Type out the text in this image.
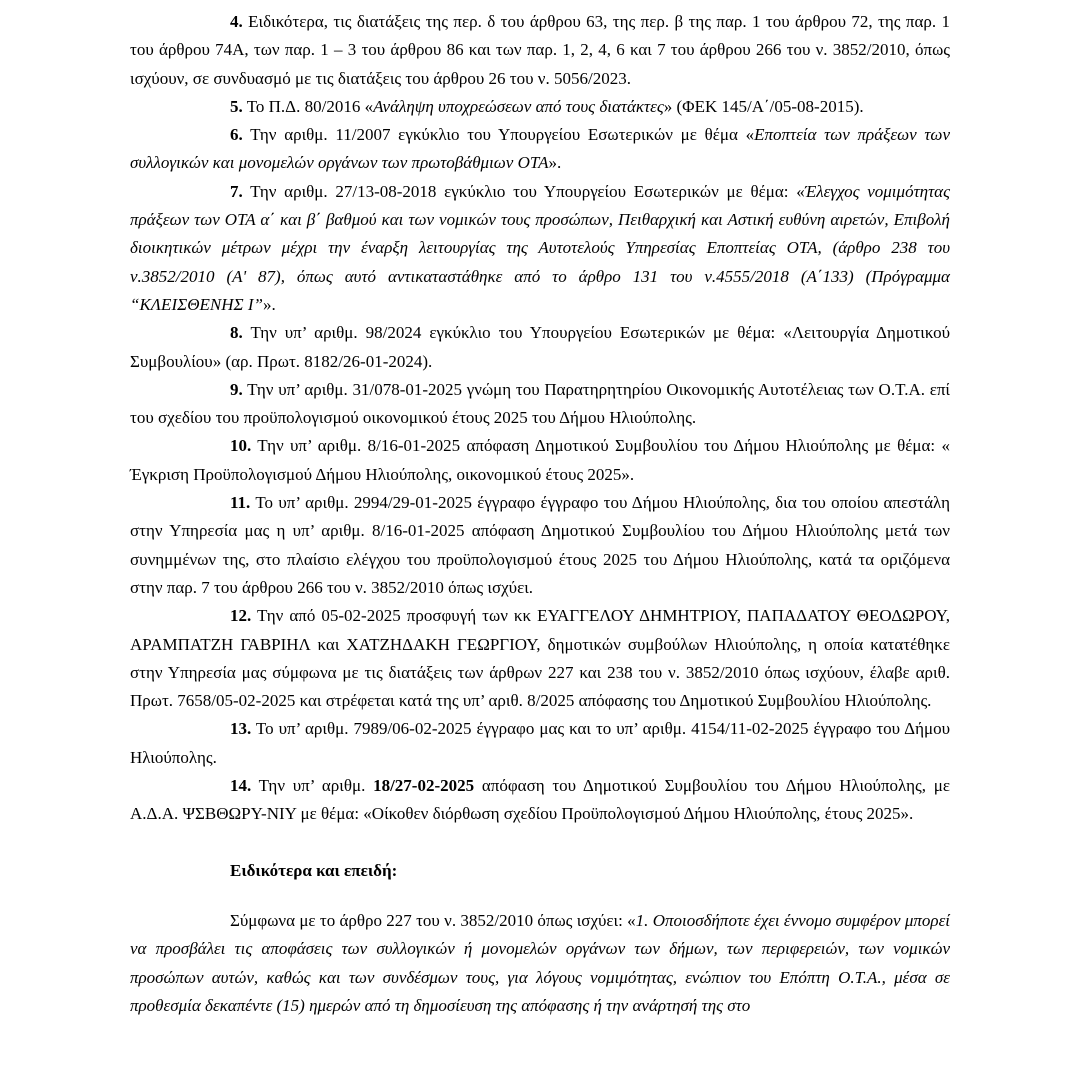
4. Ειδικότερα, τις διατάξεις της περ. δ του άρθρου 63, της περ. β της παρ. 1 του άρθρου 72, της παρ. 1 του άρθρου 74Α, των παρ. 1 – 3 του άρθρου 86 και των παρ. 1, 2, 4, 6 και 7 του άρθρου 266 του ν. 3852/2010, όπως ισχύουν, σε συνδυασμό με τις διατάξεις του άρθρου 26 του ν. 5056/2023.

5. Το Π.Δ. 80/2016 «Ανάληψη υποχρεώσεων από τους διατάκτες» (ΦΕΚ 145/Α΄/05-08-2015).

6. Την αριθμ. 11/2007 εγκύκλιο του Υπουργείου Εσωτερικών με θέμα «Εποπτεία των πράξεων των συλλογικών και μονομελών οργάνων των πρωτοβάθμιων ΟΤΑ».

7. Την αριθμ. 27/13-08-2018 εγκύκλιο του Υπουργείου Εσωτερικών με θέμα: «Έλεγχος νομιμότητας πράξεων των ΟΤΑ α΄ και β΄ βαθμού και των νομικών τους προσώπων, Πειθαρχική και Αστική ευθύνη αιρετών, Επιβολή διοικητικών μέτρων μέχρι την έναρξη λειτουργίας της Αυτοτελούς Υπηρεσίας Εποπτείας ΟΤΑ, (άρθρο 238 του ν.3852/2010 (Α' 87), όπως αυτό αντικαταστάθηκε από το άρθρο 131 του ν.4555/2018 (Α΄133) (Πρόγραμμα “ΚΛΕΙΣΘΕΝΗΣ Ι”».

8. Την υπ’ αριθμ. 98/2024 εγκύκλιο του Υπουργείου Εσωτερικών με θέμα: «Λειτουργία Δημοτικού Συμβουλίου» (αρ. Πρωτ. 8182/26-01-2024).

9. Την υπ’ αριθμ. 31/078-01-2025 γνώμη του Παρατηρητηρίου Οικονομικής Αυτοτέλειας των Ο.Τ.Α. επί του σχεδίου του προϋπολογισμού οικονομικού έτους 2025 του Δήμου Ηλιούπολης.

10. Την υπ’ αριθμ. 8/16-01-2025 απόφαση Δημοτικού Συμβουλίου του Δήμου Ηλιούπολης με θέμα: « Έγκριση Προϋπολογισμού Δήμου Ηλιούπολης, οικονομικού έτους 2025».

11. Το υπ’ αριθμ. 2994/29-01-2025 έγγραφο έγγραφο του Δήμου Ηλιούπολης, δια του οποίου απεστάλη στην Υπηρεσία μας η υπ’ αριθμ. 8/16-01-2025 απόφαση Δημοτικού Συμβουλίου του Δήμου Ηλιούπολης μετά των συνημμένων της, στο πλαίσιο ελέγχου του προϋπολογισμού έτους 2025 του Δήμου Ηλιούπολης, κατά τα οριζόμενα στην παρ. 7 του άρθρου 266 του ν. 3852/2010 όπως ισχύει.

12. Την από 05-02-2025 προσφυγή των κκ ΕΥΑΓΓΕΛΟΥ ΔΗΜΗΤΡΙΟΥ, ΠΑΠΑΔΑΤΟΥ ΘΕΟΔΩΡΟΥ, ΑΡΑΜΠΑΤΖΗ ΓΑΒΡΙΗΛ και ΧΑΤΖΗΔΑΚΗ ΓΕΩΡΓΙΟΥ, δημοτικών συμβούλων Ηλιούπολης, η οποία κατατέθηκε στην Υπηρεσία μας σύμφωνα με τις διατάξεις των άρθρων 227 και 238 του ν. 3852/2010 όπως ισχύουν, έλαβε αριθ. Πρωτ. 7658/05-02-2025 και στρέφεται κατά της υπ’ αριθ. 8/2025 απόφασης του Δημοτικού Συμβουλίου Ηλιούπολης.

13. Το υπ’ αριθμ. 7989/06-02-2025 έγγραφο μας και το υπ’ αριθμ. 4154/11-02-2025 έγγραφο του Δήμου Ηλιούπολης.

14. Την υπ’ αριθμ. 18/27-02-2025 απόφαση του Δημοτικού Συμβουλίου του Δήμου Ηλιούπολης, με Α.Δ.Α. ΨΣΒΘΩΡΥ-ΝΙΥ με θέμα: «Οίκοθεν διόρθωση σχεδίου Προϋπολογισμού Δήμου Ηλιούπολης, έτους 2025».

Ειδικότερα και επειδή:

Σύμφωνα με το άρθρο 227 του ν. 3852/2010 όπως ισχύει: «1. Οποιοσδήποτε έχει έννομο συμφέρον μπορεί να προσβάλει τις αποφάσεις των συλλογικών ή μονομελών οργάνων των δήμων, των περιφερειών, των νομικών προσώπων αυτών, καθώς και των συνδέσμων τους, για λόγους νομιμότητας, ενώπιον του Επόπτη Ο.Τ.Α., μέσα σε προθεσμία δεκαπέντε (15) ημερών από τη δημοσίευση της απόφασης ή την ανάρτησή της στο
